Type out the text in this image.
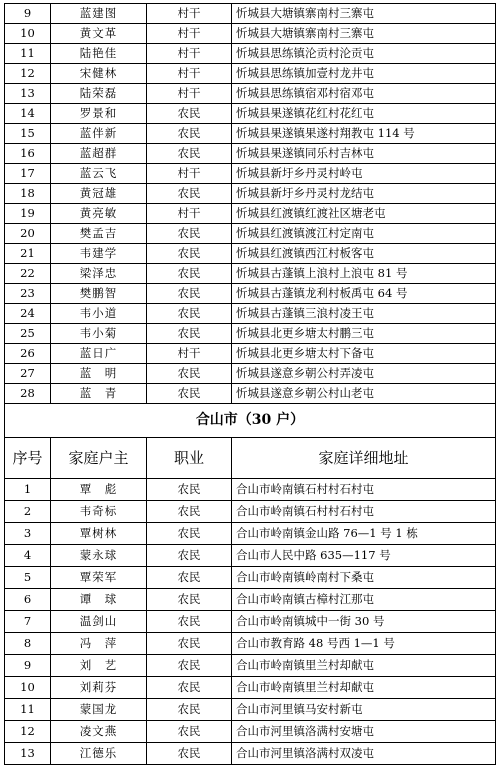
9	蓝建图	村干	忻城县大塘镇寨南村三寨屯
10	黄文革	村干	忻城县大塘镇寨南村三寨屯
11	陆艳佳	村干	忻城县思练镇沦贡村沦贡屯
12	宋健林	村干	忻城县思练镇加壹村龙井屯
13	陆荣磊	村干	忻城县思练镇宿邓村宿邓屯
14	罗景和	农民	忻城县果遂镇花红村花红屯
15	蓝伴新	农民	忻城县果遂镇果遂村翔教屯 114 号
16	蓝超群	农民	忻城县果遂镇同乐村吉林屯
17	蓝云飞	村干	忻城县新圩乡丹灵村岭屯
18	黄冠雄	农民	忻城县新圩乡丹灵村龙结屯
19	黄亮敏	村干	忻城县红渡镇红渡社区塘老屯
20	樊孟吉	农民	忻城县红渡镇渡江村定南屯
21	韦建学	农民	忻城县红渡镇西江村板客屯
22	梁泽忠	农民	忻城县古蓬镇上浪村上浪屯 81 号
23	樊鹏智	农民	忻城县古蓬镇龙利村板禹屯 64 号
24	韦小道	农民	忻城县古蓬镇三浪村凌王屯
25	韦小菊	农民	忻城县北更乡塘太村鹏三屯
26	蓝日广	村干	忻城县北更乡塘太村下备屯
27	蓝　明	农民	忻城县遂意乡朝公村弄凌屯
28	蓝　青	农民	忻城县遂意乡朝公村山老屯
合山市（30 户）			
序号	家庭户主	职业	家庭详细地址
1	覃　彪	农民	合山市岭南镇石村村石村屯
2	韦奇标	农民	合山市岭南镇石村村石村屯
3	覃树林	农民	合山市岭南镇金山路 76—1 号 1 栋
4	蒙永球	农民	合山市人民中路 635—117 号
5	覃荣军	农民	合山市岭南镇岭南村下桑屯
6	谭　球	农民	合山市岭南镇古樟村江那屯
7	温剑山	农民	合山市岭南镇城中一街 30 号
8	冯　萍	农民	合山市教育路 48 号西 1—1 号
9	刘　艺	农民	合山市岭南镇里兰村却献屯
10	刘莉芬	农民	合山市岭南镇里兰村却献屯
11	蒙国龙	农民	合山市河里镇马安村新屯
12	凌文燕	农民	合山市河里镇洛满村安塘屯
13	江德乐	农民	合山市河里镇洛满村双凌屯
